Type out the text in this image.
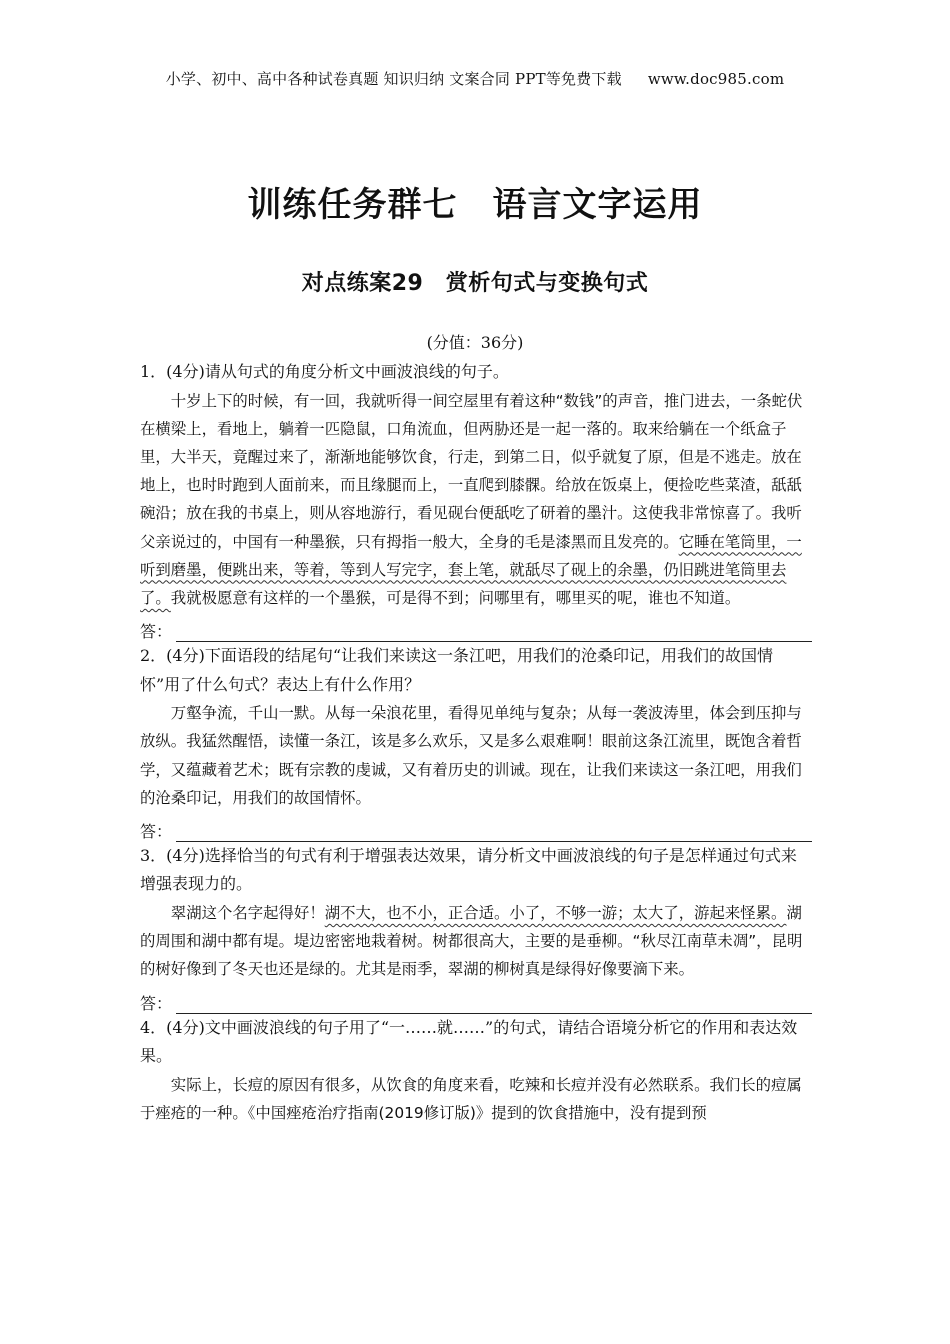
小学、初中、高中各种试卷真题 知识归纳 文案合同 PPT等免费下载 www.doc985.com
训练任务群七　语言文字运用
对点练案29　赏析句式与变换句式
(分值：36分)

1．(4分)请从句式的角度分析文中画波浪线的句子。

十岁上下的时候，有一回，我就听得一间空屋里有着这种“数钱”的声音，推门进去，一条蛇伏在横梁上，看地上，躺着一匹隐鼠，口角流血，但两胁还是一起一落的。取来给躺在一个纸盒子里，大半天，竟醒过来了，渐渐地能够饮食，行走，到第二日，似乎就复了原，但是不逃走。放在地上，也时时跑到人面前来，而且缘腿而上，一直爬到膝髁。给放在饭桌上，便捡吃些菜渣，舐舐碗沿；放在我的书桌上，则从容地游行，看见砚台便舐吃了研着的墨汁。这使我非常惊喜了。我听父亲说过的，中国有一种墨猴，只有拇指一般大，全身的毛是漆黑而且发亮的。它睡在笔筒里，一听到磨墨，便跳出来，等着，等到人写完字，套上笔，就舐尽了砚上的余墨，仍旧跳进笔筒里去了。我就极愿意有这样的一个墨猴，可是得不到；问哪里有，哪里买的呢，谁也不知道。

答：

2．(4分)下面语段的结尾句“让我们来读这一条江吧，用我们的沧桑印记，用我们的故国情怀”用了什么句式？表达上有什么作用？

万壑争流，千山一默。从每一朵浪花里，看得见单纯与复杂；从每一袭波涛里，体会到压抑与放纵。我猛然醒悟，读懂一条江，该是多么欢乐，又是多么艰难啊！眼前这条江流里，既饱含着哲学，又蕴藏着艺术；既有宗教的虔诚，又有着历史的训诫。现在，让我们来读这一条江吧，用我们的沧桑印记，用我们的故国情怀。

答：

3．(4分)选择恰当的句式有利于增强表达效果，请分析文中画波浪线的句子是怎样通过句式来增强表现力的。

翠湖这个名字起得好！湖不大，也不小，正合适。小了，不够一游；太大了，游起来怪累。湖的周围和湖中都有堤。堤边密密地栽着树。树都很高大，主要的是垂柳。“秋尽江南草未凋”，昆明的树好像到了冬天也还是绿的。尤其是雨季，翠湖的柳树真是绿得好像要滴下来。

答：

4．(4分)文中画波浪线的句子用了“一……就……”的句式，请结合语境分析它的作用和表达效果。

实际上，长痘的原因有很多，从饮食的角度来看，吃辣和长痘并没有必然联系。我们长的痘属于痤疮的一种。《中国痤疮治疗指南(2019修订版)》提到的饮食措施中，没有提到预
